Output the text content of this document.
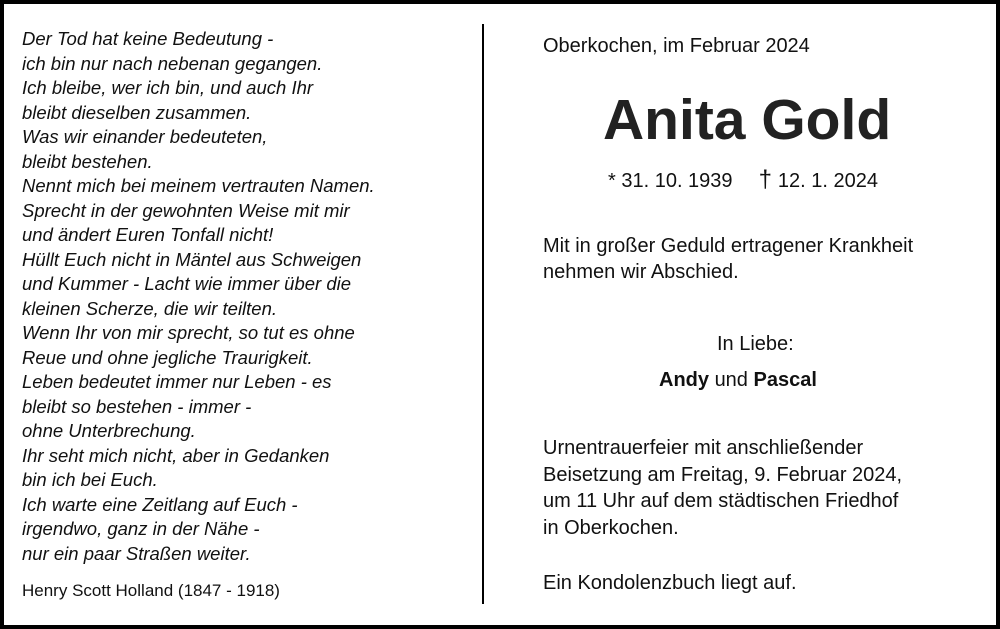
Der Tod hat keine Bedeutung -
ich bin nur nach nebenan gegangen.
Ich bleibe, wer ich bin, und auch Ihr
bleibt dieselben zusammen.
Was wir einander bedeuteten,
bleibt bestehen.
Nennt mich bei meinem vertrauten Namen.
Sprecht in der gewohnten Weise mit mir
und ändert Euren Tonfall nicht!
Hüllt Euch nicht in Mäntel aus Schweigen
und Kummer - Lacht wie immer über die
kleinen Scherze, die wir teilten.
Wenn Ihr von mir sprecht, so tut es ohne
Reue und ohne jegliche Traurigkeit.
Leben bedeutet immer nur Leben - es
bleibt so bestehen - immer -
ohne Unterbrechung.
Ihr seht mich nicht, aber in Gedanken
bin ich bei Euch.
Ich warte eine Zeitlang auf Euch -
irgendwo, ganz in der Nähe -
nur ein paar Straßen weiter.
Henry Scott Holland (1847 - 1918)
Oberkochen, im Februar 2024
Anita Gold
* 31. 10. 1939 † 12. 1. 2024
Mit in großer Geduld ertragener Krankheit
nehmen wir Abschied.
In Liebe:
Andy und Pascal
Urnentrauerfeier mit anschließender
Beisetzung am Freitag, 9. Februar 2024,
um 11 Uhr auf dem städtischen Friedhof
in Oberkochen.
Ein Kondolenzbuch liegt auf.
